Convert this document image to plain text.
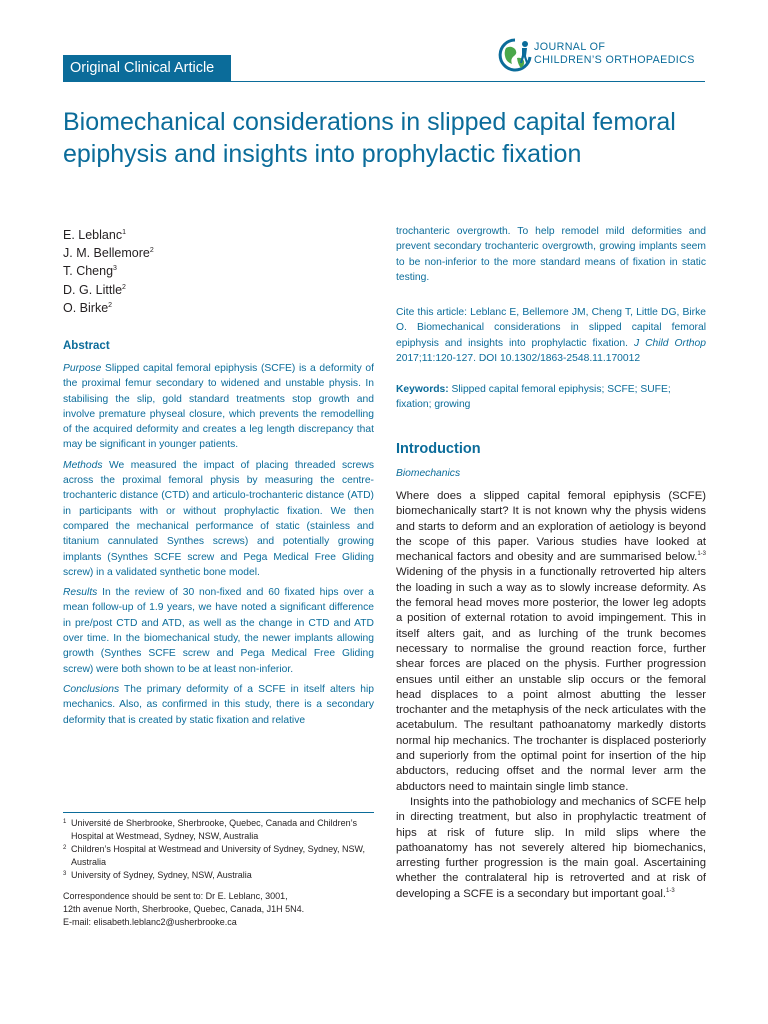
Original Clinical Article
JOURNAL OF
CHILDREN’S ORTHOPAEDICS
Biomechanical considerations in slipped capital femoral epiphysis and insights into prophylactic fixation
E. Leblanc$^1$
J. M. Bellemore$^2$
T. Cheng$^3$
D. G. Little$^2$
O. Birke$^2$
Abstract

Purpose Slipped capital femoral epiphysis (SCFE) is a deformity of the proximal femur secondary to widened and unstable physis. In stabilising the slip, gold standard treatments stop growth and involve premature physeal closure, which prevents the remodelling of the acquired deformity and creates a leg length discrepancy that may be significant in younger patients.

Methods We measured the impact of placing threaded screws across the proximal femoral physis by measuring the centre-trochanteric distance (CTD) and articulo-trochanteric distance (ATD) in participants with or without prophylactic fixation. We then compared the mechanical performance of static (stainless and titanium cannulated Synthes screws) and potentially growing implants (Synthes SCFE screw and Pega Medical Free Gliding screw) in a validated synthetic bone model.

Results In the review of 30 non-fixed and 60 fixated hips over a mean follow-up of 1.9 years, we have noted a significant difference in pre/post CTD and ATD, as well as the change in CTD and ATD over time. In the biomechanical study, the newer implants allowing growth (Synthes SCFE screw and Pega Medical Free Gliding screw) were both shown to be at least non-inferior.

Conclusions The primary deformity of a SCFE in itself alters hip mechanics. Also, as confirmed in this study, there is a secondary deformity that is created by static fixation and relative

1 Université de Sherbrooke, Sherbrooke, Quebec, Canada and Children’s Hospital at Westmead, Sydney, NSW, Australia
2 Children’s Hospital at Westmead and University of Sydney, Sydney, NSW, Australia
3 University of Sydney, Sydney, NSW, Australia
Correspondence should be sent to: Dr E. Leblanc, 3001,
12th avenue North, Sherbrooke, Quebec, Canada, J1H 5N4.
E-mail: elisabeth.leblanc2@usherbrooke.ca
trochanteric overgrowth. To help remodel mild deformities and prevent secondary trochanteric overgrowth, growing implants seem to be non-inferior to the more standard means of fixation in static testing.
Cite this article: Leblanc E, Bellemore JM, Cheng T, Little DG, Birke O. Biomechanical considerations in slipped capital femoral epiphysis and insights into prophylactic fixation. J Child Orthop 2017;11:120-127. DOI 10.1302/1863-2548.11.170012
Keywords: Slipped capital femoral epiphysis; SCFE; SUFE; fixation; growing
Introduction
Biomechanics

Where does a slipped capital femoral epiphysis (SCFE) biomechanically start? It is not known why the physis widens and starts to deform and an exploration of aetiology is beyond the scope of this paper. Various studies have looked at mechanical factors and obesity and are summarised below.$^{1-3}$ Widening of the physis in a functionally retroverted hip alters the loading in such a way as to slowly increase deformity. As the femoral head moves more posterior, the lower leg adopts a position of external rotation to avoid impingement. This in itself alters gait, and as lurching of the trunk becomes necessary to normalise the ground reaction force, further shear forces are placed on the physis. Further progression ensues until either an unstable slip occurs or the femoral head displaces to a point almost abutting the lesser trochanter and the metaphysis of the neck articulates with the acetabulum. The resultant pathoanatomy markedly distorts normal hip mechanics. The trochanter is displaced posteriorly and superiorly from the optimal point for insertion of the hip abductors, reducing offset and the normal lever arm the abductors need to maintain single limb stance.

Insights into the pathobiology and mechanics of SCFE help in directing treatment, but also in prophylactic treatment of hips at risk of future slip. In mild slips where the pathoanatomy has not severely altered hip biomechanics, arresting further progression is the main goal. Ascertaining whether the contralateral hip is retroverted and at risk of developing a SCFE is a secondary but important goal.$^{1-3}$
